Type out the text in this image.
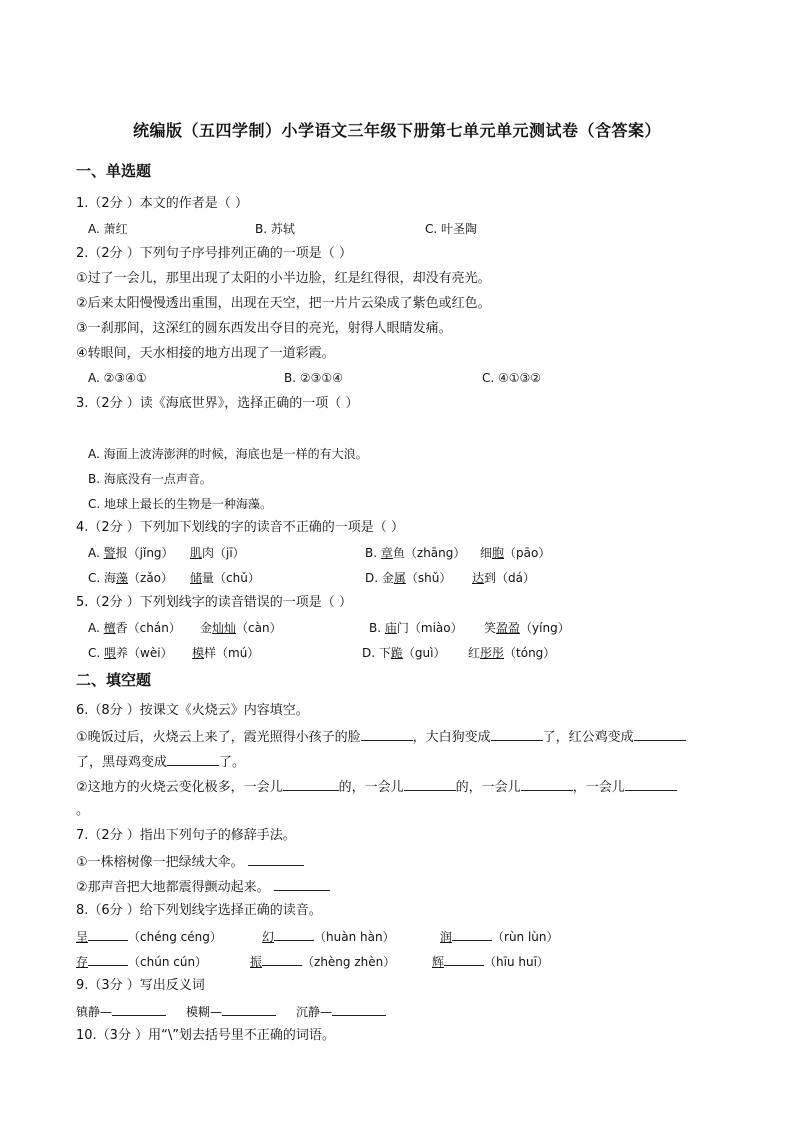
统编版（五四学制）小学语文三年级下册第七单元单元测试卷（含答案）
一、单选题
1.（2分 ）本文的作者是（ ）
A. 萧红	B. 苏轼	C. 叶圣陶
2.（2分 ）下列句子序号排列正确的一项是（ ）
①过了一会儿，那里出现了太阳的小半边脸，红是红得很，却没有亮光。
②后来太阳慢慢透出重围，出现在天空，把一片片云染成了紫色或红色。
③一刹那间，这深红的圆东西发出夺目的亮光，射得人眼睛发痛。
④转眼间，天水相接的地方出现了一道彩霞。
A. ②③④①	B. ②③①④	C. ④①③②
3.（2分 ）读《海底世界》，选择正确的一项（ ）
A. 海面上波涛澎湃的时候，海底也是一样的有大浪。
B. 海底没有一点声音。
C. 地球上最长的生物是一种海藻。
4.（2分 ）下列加下划线的字的读音不正确的一项是（ ）
A. 警报（jǐng） 肌肉（jī）	B. 章鱼（zhāng） 细胞（pāo）
C. 海藻（zǎo） 储量（chǔ）	D. 金属（shǔ） 达到（dá）
5.（2分 ）下列划线字的读音错误的一项是（ ）
A. 檀香（chán） 金灿灿（càn）	B. 庙门（miào） 笑盈盈（yíng）
C. 喂养（wèi） 模样（mú）	D. 下跪（guì） 红彤彤（tóng）
二、填空题
6.（8分 ）按课文《火烧云》内容填空。
①晚饭过后，火烧云上来了，霞光照得小孩子的脸	，大白狗变成	了，红公鸡变成
了，黑母鸡变成	了。
②这地方的火烧云变化极多，一会儿	的，一会儿	的，一会儿	，一会儿
。
7.（2分 ）指出下列句子的修辞手法。
①一株榕树像一把绿绒大伞。
②那声音把大地都震得颤动起来。
8.（6分 ）给下列划线字选择正确的读音。
呈	（chéng céng）	幻	（huàn hàn）	润	（rùn lùn）
存	（chún cún）	振	（zhèng zhèn）	辉	（hīu huī）
9.（3分 ）写出反义词
镇静—	模糊—	沉静—
10.（3分 ）用“\”划去括号里不正确的词语。
